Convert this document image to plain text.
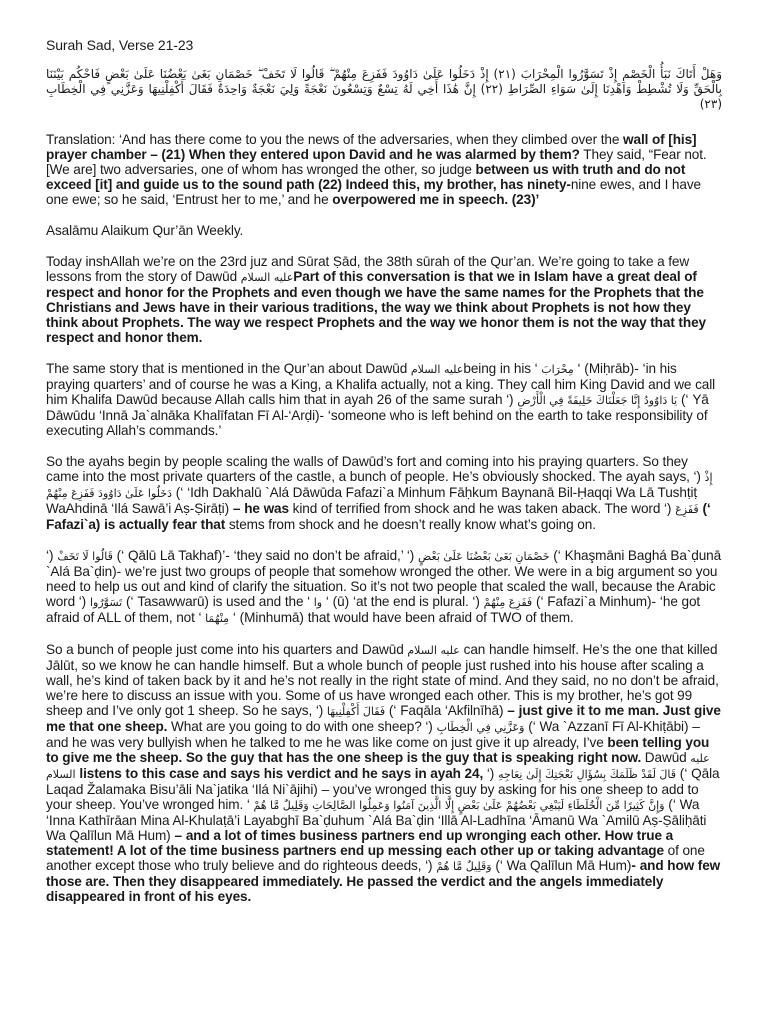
Surah Sad, Verse 21-23
وَهَلْ أَتَاكَ نَبَأُ الْخَصْمِ إِذْ تَسَوَّرُوا الْمِحْرَابَ (٢١) إِذْ دَخَلُوا عَلَىٰ دَاوُودَ فَفَزِعَ مِنْهُمْ ۖ قَالُوا لَا تَخَفْ ۖ خَصْمَانِ بَغَىٰ بَعْضُنَا عَلَىٰ بَعْضٍ فَاحْكُم بَيْنَنَا بِالْحَقِّ وَلَا تُشْطِطْ وَاهْدِنَا إِلَىٰ سَوَاءِ الصِّرَاطِ (٢٢) إِنَّ هَٰذَا أَخِي لَهُ تِسْعٌ وَتِسْعُونَ نَعْجَةً وَلِيَ نَعْجَةٌ وَاحِدَةٌ فَقَالَ أَكْفِلْنِيهَا وَعَزَّنِي فِي الْخِطَابِ (٢٣)

Translation: ‘And has there come to you the news of the adversaries, when they climbed over the wall of [his] prayer chamber – (21) When they entered upon David and he was alarmed by them? They said, “Fear not. [We are] two adversaries, one of whom has wronged the other, so judge between us with truth and do not exceed [it] and guide us to the sound path (22) Indeed this, my brother, has ninety-nine ewes, and I have one ewe; so he said, ‘Entrust her to me,’ and he overpowered me in speech. (23)’

Asalāmu Alaikum Qur’ān Weekly.

Today inshAllah we’re on the 23rd juz and Sūrat Ṣād, the 38th sūrah of the Qur’an. We’re going to take a few lessons from the story of Dawūd عليه السلامPart of this conversation is that we in Islam have a great deal of respect and honor for the Prophets and even though we have the same names for the Prophets that the Christians and Jews have in their various traditions, the way we think about Prophets is not how they think about Prophets. The way we respect Prophets and the way we honor them is not the way that they respect and honor them.

The same story that is mentioned in the Qur’an about Dawūd عليه السلامbeing in his ‘ مِحْرَابَ ‘ (Miḥrāb)- ‘in his praying quarters’ and of course he was a King, a Khalifa actually, not a king. They call him King David and we call him Khalifa Dawūd because Allah calls him that in ayah 26 of the same surah ‘) يَا دَاوُودُ إِنَّا جَعَلْنَاكَ خَلِيفَةً فِي الْأَرْضِ (‘ Yā Dāwūdu ‘Innā Ja`alnāka Khalīfatan Fī Al-‘Arḍi)- ‘someone who is left behind on the earth to take responsibility of executing Allah’s commands.’

So the ayahs begin by people scaling the walls of Dawūd’s fort and coming into his praying quarters. So they came into the most private quarters of the castle, a bunch of people. He’s obviously shocked. The ayah says, ‘) إِذْ دَخَلُوا عَلَىٰ دَاوُودَ فَفَزِعَ مِنْهُمْ (‘ ‘Idh Dakhalū `Alá Dāwūda Fafazi`a Minhum Fāḥkum Baynanā Bil-Ḥaqqi Wa Lā Tushṭiṭ WaAhdinā ‘Ilá Sawā’i Aṣ-Ṣirāṭi) – he was kind of terrified from shock and he was taken aback. The word ‘) فَفَزِعَ (‘ Fafazi`a) is actually fear that stems from shock and he doesn’t really know what’s going on.

‘) قَالُوا لَا تَخَفْ (‘ Qālū Lā Takhaf)’- ‘they said no don’t be afraid,’ ‘) خَصْمَانِ بَغَىٰ بَعْضُنَا عَلَىٰ بَعْضٍ (‘ Khaşmāni Baghá Ba`ḍunā `Alá Ba`ḍin)- we’re just two groups of people that somehow wronged the other. We were in a big argument so you need to help us out and kind of clarify the situation. So it’s not two people that scaled the wall, because the Arabic word ‘) تَسَوَّرُوا (‘ Tasawwarū) is used and the ‘ وا ‘ (ū) ‘at the end is plural. ‘) فَفَزِعَ مِنْهُمْ (‘ Fafazi`a Minhum)- ‘he got afraid of ALL of them, not ‘ مِنْهُمَا ‘ (Minhumā) that would have been afraid of TWO of them.

So a bunch of people just come into his quarters and Dawūd عليه السلام can handle himself. He’s the one that killed Jālūt, so we know he can handle himself. But a whole bunch of people just rushed into his house after scaling a wall, he’s kind of taken back by it and he’s not really in the right state of mind. And they said, no no don’t be afraid, we’re here to discuss an issue with you. Some of us have wronged each other. This is my brother, he’s got 99 sheep and I’ve only got 1 sheep. So he says, ‘) فَقَالَ أَكْفِلْنِيهَا (‘ Faqāla ‘Akfilnīhā) – just give it to me man. Just give me that one sheep. What are you going to do with one sheep? ‘) وَعَزَّنِي فِي الْخِطَابِ (‘ Wa `Azzanī Fī Al-Khiṭābi) – and he was very bullyish when he talked to me he was like come on just give it up already, I’ve been telling you to give me the sheep. So the guy that has the one sheep is the guy that is speaking right now. Dawūd عليه السلام listens to this case and says his verdict and he says in ayah 24, ‘) قَالَ لَقَدْ ظَلَمَكَ بِسُؤَالِ نَعْجَتِكَ إِلَىٰ نِعَاجِهِ (‘ Qāla Laqad Žalamaka Bisu’āli Na`jatika ‘Ilá Ni`ājihi) – you’ve wronged this guy by asking for his one sheep to add to your sheep. You’ve wronged him. ‘ وَإِنَّ كَثِيرًا مِّنَ الْخُلَطَاءِ لَيَبْغِي بَعْضُهُمْ عَلَىٰ بَعْضٍ إِلَّا الَّذِينَ آمَنُوا وَعَمِلُوا الصَّالِحَاتِ وَقَلِيلٌ مَّا هُمْ (‘ Wa ‘Inna Kathīrāan Mina Al-Khulaṭā’i Layabghī Ba`ḍuhum `Alá Ba`ḍin ‘Illā Al-Ladhīna ‘Āmanū Wa `Amilū Aṣ-Ṣāliḥāti Wa Qalīlun Mā Hum) – and a lot of times business partners end up wronging each other. How true a statement! A lot of the time business partners end up messing each other up or taking advantage of one another except those who truly believe and do righteous deeds, ‘) وَقَلِيلٌ مَّا هُمْ (‘ Wa Qalīlun Mā Hum)- and how few those are. Then they disappeared immediately. He passed the verdict and the angels immediately disappeared in front of his eyes.
